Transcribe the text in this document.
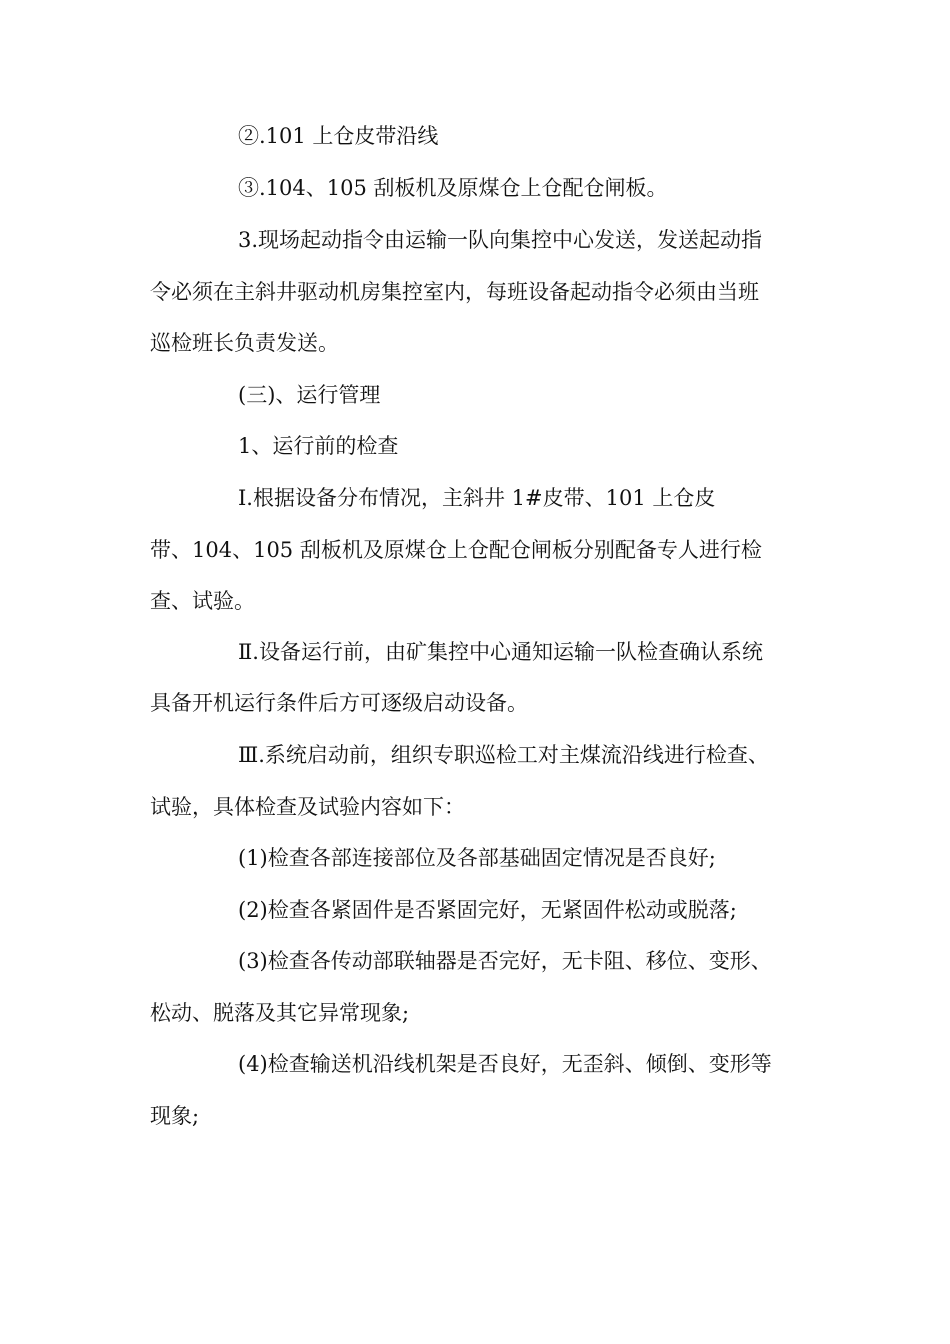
②.101 上仓皮带沿线
③.104、105 刮板机及原煤仓上仓配仓闸板。
3.现场起动指令由运输一队向集控中心发送，发送起动指
令必须在主斜井驱动机房集控室内，每班设备起动指令必须由当班
巡检班长负责发送。
(三)、运行管理
1、运行前的检查
Ⅰ.根据设备分布情况，主斜井 1#皮带、101 上仓皮
带、104、105 刮板机及原煤仓上仓配仓闸板分别配备专人进行检
查、试验。
Ⅱ.设备运行前，由矿集控中心通知运输一队检查确认系统
具备开机运行条件后方可逐级启动设备。
Ⅲ.系统启动前，组织专职巡检工对主煤流沿线进行检查、
试验，具体检查及试验内容如下：
(1)检查各部连接部位及各部基础固定情况是否良好;
(2)检查各紧固件是否紧固完好，无紧固件松动或脱落;
(3)检查各传动部联轴器是否完好，无卡阻、移位、变形、
松动、脱落及其它异常现象;
(4)检查输送机沿线机架是否良好，无歪斜、倾倒、变形等
现象;
